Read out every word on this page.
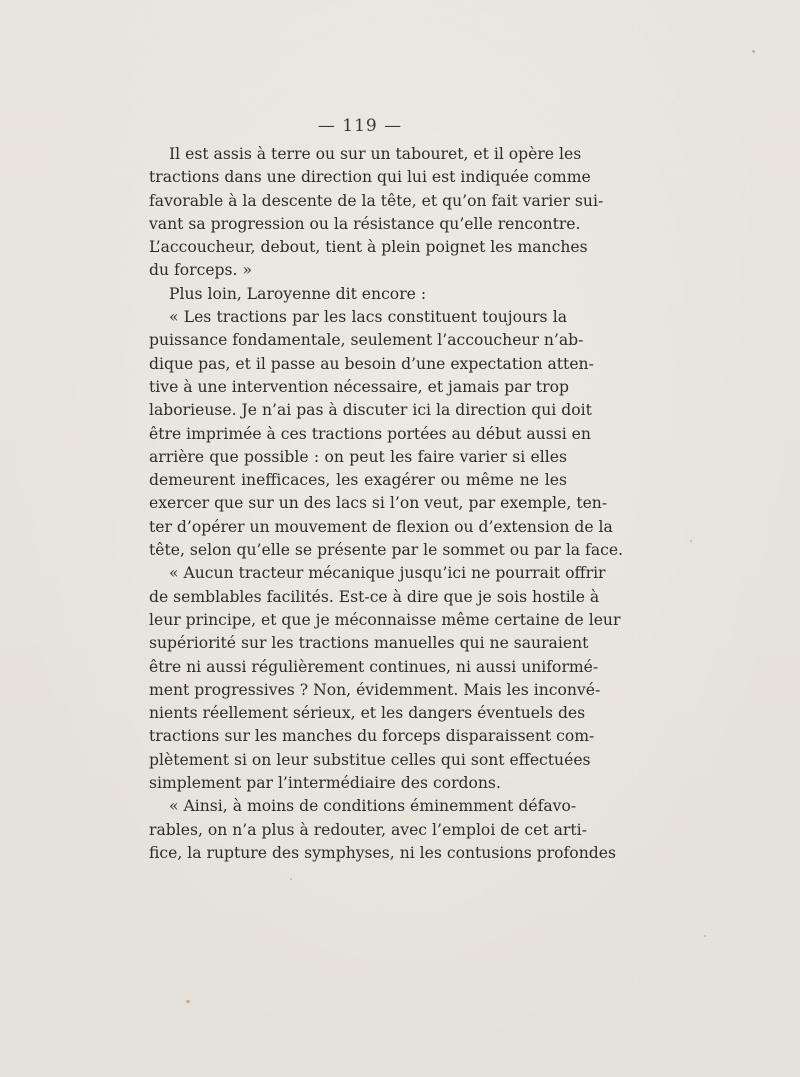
— 119 —
Il est assis à terre ou sur un tabouret, et il opère les
tractions dans une direction qui lui est indiquée comme
favorable à la descente de la tête, et qu’on fait varier sui-
vant sa progression ou la résistance qu’elle rencontre.
L’accoucheur, debout, tient à plein poignet les manches
du forceps. »
Plus loin, Laroyenne dit encore :
« Les tractions par les lacs constituent toujours la
puissance fondamentale, seulement l’accoucheur n’ab-
dique pas, et il passe au besoin d’une expectation atten-
tive à une intervention nécessaire, et jamais par trop
laborieuse. Je n’ai pas à discuter ici la direction qui doit
être imprimée à ces tractions portées au début aussi en
arrière que possible : on peut les faire varier si elles
demeurent inefficaces, les exagérer ou même ne les
exercer que sur un des lacs si l’on veut, par exemple, ten-
ter d’opérer un mouvement de flexion ou d’extension de la
tête, selon qu’elle se présente par le sommet ou par la face.
« Aucun tracteur mécanique jusqu’ici ne pourrait offrir
de semblables facilités. Est-ce à dire que je sois hostile à
leur principe, et que je méconnaisse même certaine de leur
supériorité sur les tractions manuelles qui ne sauraient
être ni aussi régulièrement continues, ni aussi uniformé-
ment progressives ? Non, évidemment. Mais les inconvé-
nients réellement sérieux, et les dangers éventuels des
tractions sur les manches du forceps disparaissent com-
plètement si on leur substitue celles qui sont effectuées
simplement par l’intermédiaire des cordons.
« Ainsi, à moins de conditions éminemment défavo-
rables, on n’a plus à redouter, avec l’emploi de cet arti-
fice, la rupture des symphyses, ni les contusions profondes
